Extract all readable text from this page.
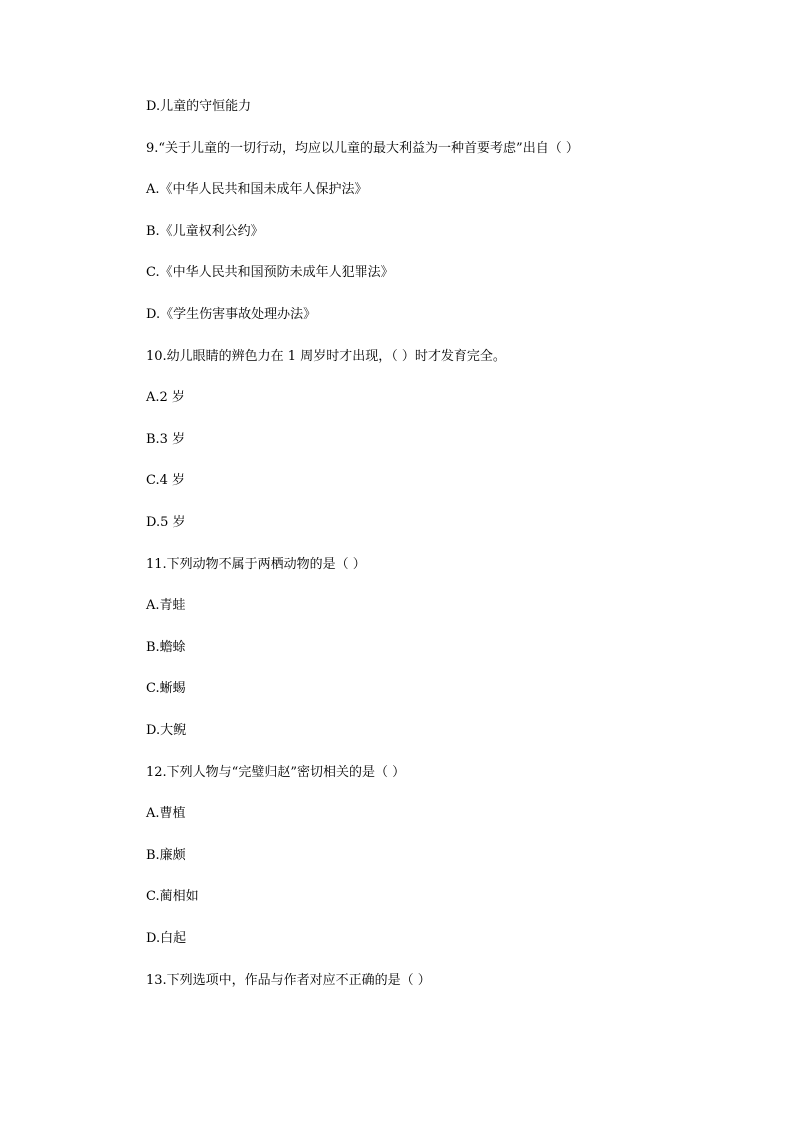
D.儿童的守恒能力
9.“关于儿童的一切行动，均应以儿童的最大利益为一种首要考虑”出自（ ）
A.《中华人民共和国未成年人保护法》
B.《儿童权利公约》
C.《中华人民共和国预防未成年人犯罪法》
D.《学生伤害事故处理办法》
10.幼儿眼睛的辨色力在 1 周岁时才出现，（ ）时才发育完全。
A.2 岁
B.3 岁
C.4 岁
D.5 岁
11.下列动物不属于两栖动物的是（ ）
A.青蛙
B.蟾蜍
C.蜥蜴
D.大鲵
12.下列人物与“完璧归赵”密切相关的是（ ）
A.曹植
B.廉颇
C.蔺相如
D.白起
13.下列选项中，作品与作者对应不正确的是（ ）
